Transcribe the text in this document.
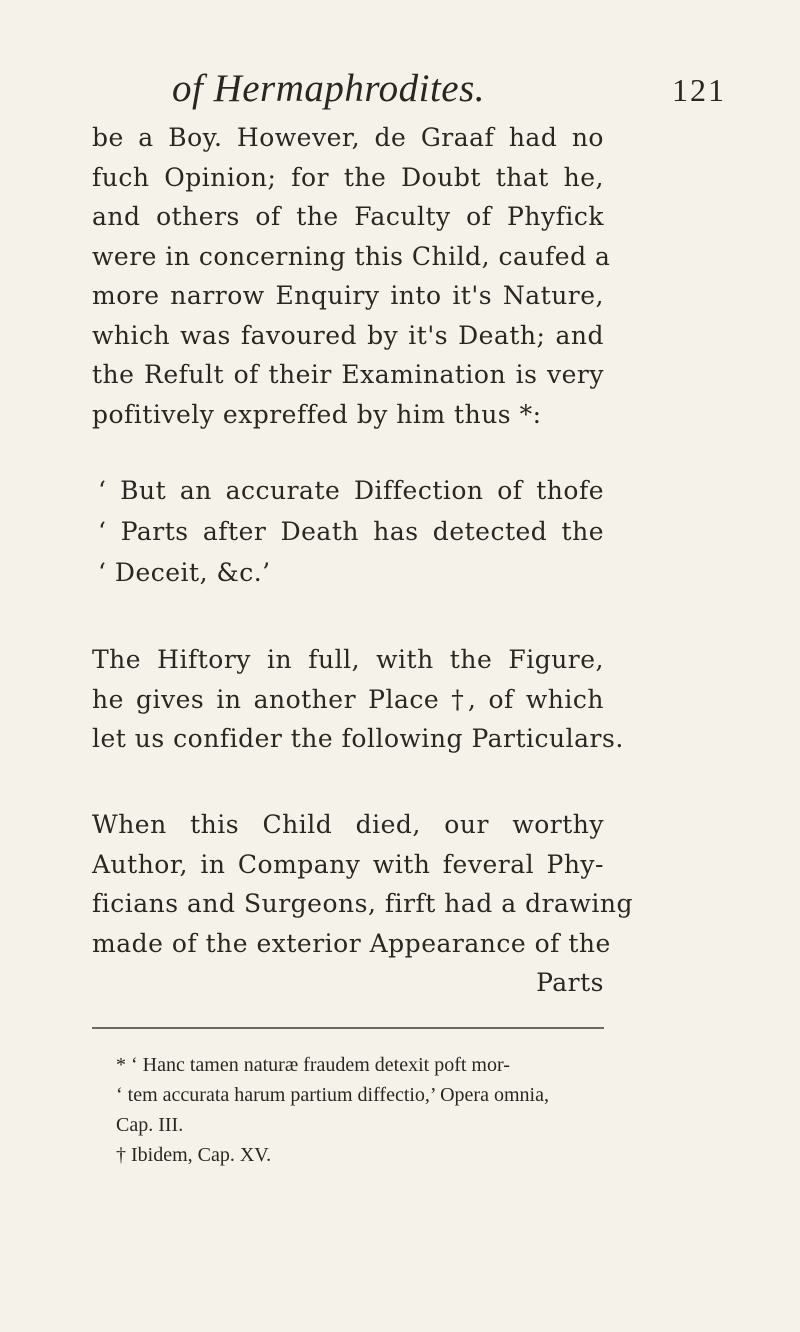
of Hermaphrodites.	121
be a Boy. However, de Graaf had no
fuch Opinion; for the Doubt that he,
and others of the Faculty of Phyfick
were in concerning this Child, caufed a
more narrow Enquiry into it's Nature,
which was favoured by it's Death; and
the Refult of their Examination is very
pofitively expreffed by him thus *:
‘ But an accurate Diffection of thofe
‘ Parts after Death has detected the
‘ Deceit, &c.’
The Hiftory in full, with the Figure,
he gives in another Place †, of which
let us confider the following Particulars.
When this Child died, our worthy
Author, in Company with feveral Phy-
ficians and Surgeons, firft had a drawing
made of the exterior Appearance of the
Parts
* ‘ Hanc tamen naturæ fraudem detexit poft mor-
‘ tem accurata harum partium diffectio,’ Opera omnia,
Cap. III.
† Ibidem, Cap. XV.
